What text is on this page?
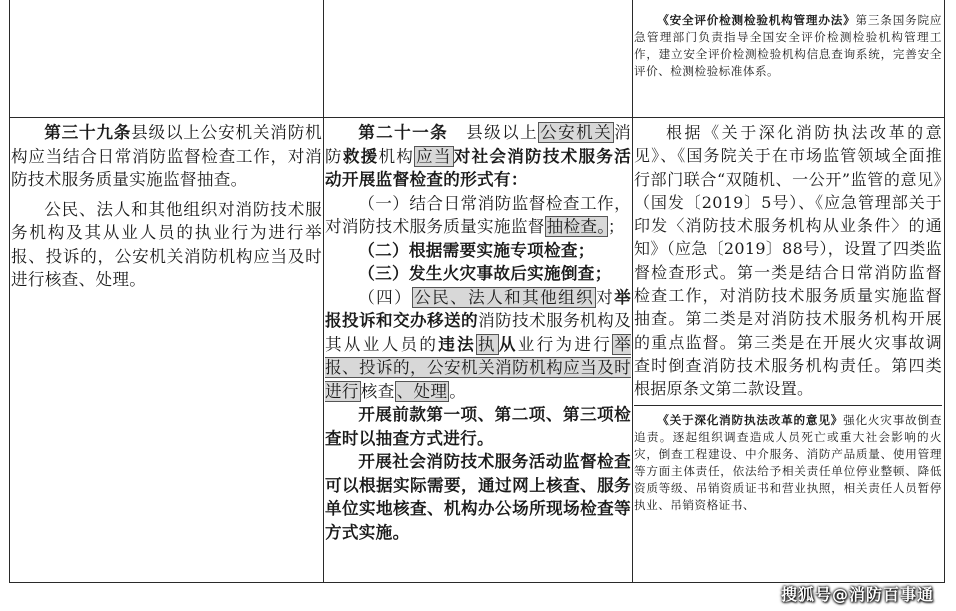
《安全评价检测检验机构管理办法》第三条国务院应急管理部门负责指导全国安全评价检测检验机构管理工作，建立安全评价检测检验机构信息查询系统，完善安全评价、检测检验标准体系。

第三十九条县级以上公安机关消防机构应当结合日常消防监督检查工作，对消防技术服务质量实施监督抽查。

公民、法人和其他组织对消防技术服务机构及其从业人员的执业行为进行举报、投诉的，公安机关消防机构应当及时进行核查、处理。

第二十一条　县级以上 公安机关 消防救援机构 应当 对社会消防技术服务活动开展监督检查的形式有：

（一）结合日常消防监督检查工作，对消防技术服务质量实施监督 抽检查。 ；

（二）根据需要实施专项检查；

（三）发生火灾事故后实施倒查；

（四） 公民、法人和其他组织 对举报投诉和交办移送的消防技术服务机构及其从业人员的违法 执 从业行为进行 举报、投诉的，公安机关消防机构应当及时进行 核查 、处理 。

开展前款第一项、第二项、第三项检查时以抽查方式进行。

开展社会消防技术服务活动监督检查可以根据实际需要，通过网上核查、服务单位实地核查、机构办公场所现场检查等方式实施。

根据《关于深化消防执法改革的意见》、《国务院关于在市场监管领域全面推行部门联合“双随机、一公开”监管的意见》（国发〔2019〕5号）、《应急管理部关于印发〈消防技术服务机构从业条件〉的通知》（应急〔2019〕88号），设置了四类监督检查形式。第一类是结合日常消防监督检查工作，对消防技术服务质量实施监督抽查。第二类是对消防技术服务机构开展的重点监督。第三类是在开展火灾事故调查时倒查消防技术服务机构责任。第四类根据原条文第二款设置。

《关于深化消防执法改革的意见》强化火灾事故倒查追责。逐起组织调查造成人员死亡或重大社会影响的火灾，倒查工程建设、中介服务、消防产品质量、使用管理等方面主体责任，依法给予相关责任单位停业整顿、降低资质等级、吊销资质证书和营业执照，相关责任人员暂停执业、吊销资格证书、

搜狐号@消防百事通
